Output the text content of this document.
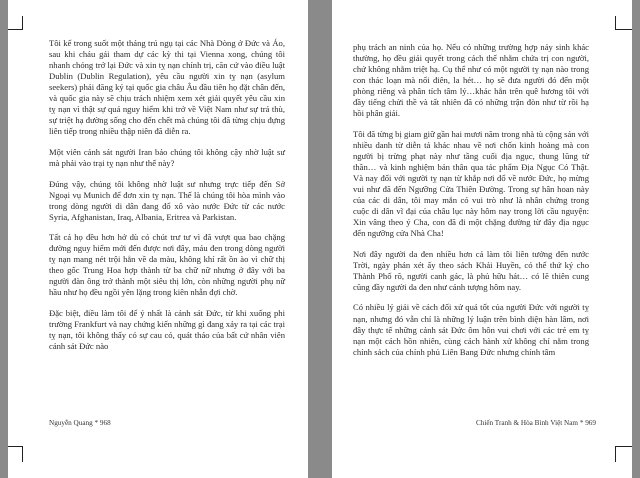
Tôi kể trong suốt một tháng trú ngụ tại các Nhà Dòng ở Đức và Áo, sau khi cháu gái tham dự các kỳ thi tại Vienna xong, chúng tôi nhanh chóng trở lại Đức và xin tỵ nạn chính trị, căn cứ vào điều luật Dublin (Dublin Regulation), yêu cầu người xin tỵ nạn (asylum seekers) phải đăng ký tại quốc gia châu Âu đầu tiên họ đặt chân đến, và quốc gia này sẽ chịu trách nhiệm xem xét giải quyết yêu cầu xin tỵ nạn vì thật sự quá nguy hiểm khi trở về Việt Nam như sự trả thù, sự triệt hạ đường sống cho đến chết mà chúng tôi đã từng chịu đựng liên tiếp trong nhiều thập niên đã diễn ra.

Một viên cảnh sát người Iran bảo chúng tôi không cậy nhờ luật sư mà phải vào trại tỵ nạn như thế này?

Đúng vậy, chúng tôi không nhờ luật sư nhưng trực tiếp đến Sở Ngoại vụ Munich để đơn xin tỵ nạn. Thế là chúng tôi hòa mình vào trong dòng người di dân đang đổ xô vào nước Đức từ các nước Syria, Afghanistan, Iraq, Albania, Eritrea và Parkistan.

Tất cả họ đều hơn hở dù có chút trư tư vì đã vượt qua bao chặng đường nguy hiểm mới đến được nơi đây, máu đen trong dòng người tỵ nạn mang nét trội hẳn về da màu, không khí rất ồn ào vì chữ thị theo gốc Trung Hoa hợp thành từ ba chữ nữ nhưng ở đây với ba người đàn ông trở thành một siêu thị lớn, còn những người phụ nữ hầu như họ đều ngồi yên lặng trong kiên nhẫn đợi chờ.

Đặc biệt, điều làm tôi để ý nhất là cảnh sát Đức, từ khi xuống phi trường Frankfurt và nay chứng kiến những gì đang xảy ra tại các trại tỵ nạn, tôi không thấy có sự cau có, quát tháo của bất cứ nhân viên cảnh sát Đức nào

Nguyễn Quang * 968

phụ trách an ninh của họ. Nếu có những trường hợp nảy sinh khác thường, họ đều giải quyết trong cách thế nhằm chứa trị con người, chứ không nhằm triệt hạ. Cụ thể như có một người tỵ nạn nào trong con thác loạn mà nổi điên, la hét… họ sẽ đưa người đó đến một phòng riêng và phân tích tâm lý…khác hẳn trên quê hương tôi với đầy tiếng chửi thề và tất nhiên đã có những trận đòn như từ rồi hạ hồi phân giải.

Tôi đã từng bị giam giữ gần hai mươi năm trong nhà tù cộng sản với nhiều danh từ diễn tả khác nhau về nơi chốn kinh hoàng mà con người bị trừng phạt này như tầng cuối địa ngục, thung lũng tử thần… và kinh nghiệm bản thân qua tác phẩm Địa Ngục Có Thật. Và nay đối với người tỵ nạn từ khắp nơi đổ về nước Đức, họ mừng vui như đã đến Ngưỡng Cửa Thiên Đường. Trong sự hân hoan này của các di dân, tôi may mắn có vui trò như là nhân chứng trong cuộc di dân vĩ đại của châu lục này hôm nay trong lời cầu nguyện: Xin vâng theo ý Cha, con đã đi một chặng đường từ đây địa ngục đến ngưỡng cửa Nhà Cha!

Nơi đây người da đen nhiều hơn cả làm tôi liên tưởng đến nước Trời, ngày phán xét ấy theo sách Khải Huyền, có thể thứ ký cho Thành Phố rõ, người canh gác, là phủ hữu hát… có lẽ thiên cung cũng đầy người da đen như cảnh tượng hôm nay.

Có nhiều lý giải về cách đối xử quá tốt của người Đức với người tỵ nạn, nhưng đó vẫn chỉ là những lý luận trên bình diện hàn lâm, nơi đây thực tế những cảnh sát Đức ôm hôn vui chơi với các trẻ em tỵ nạn một cách hồn nhiên, cùng cách hành xử không chỉ nằm trong chính sách của chính phủ Liên Bang Đức nhưng chính tâm

Chiến Tranh & Hòa Bình Việt Nam * 969
